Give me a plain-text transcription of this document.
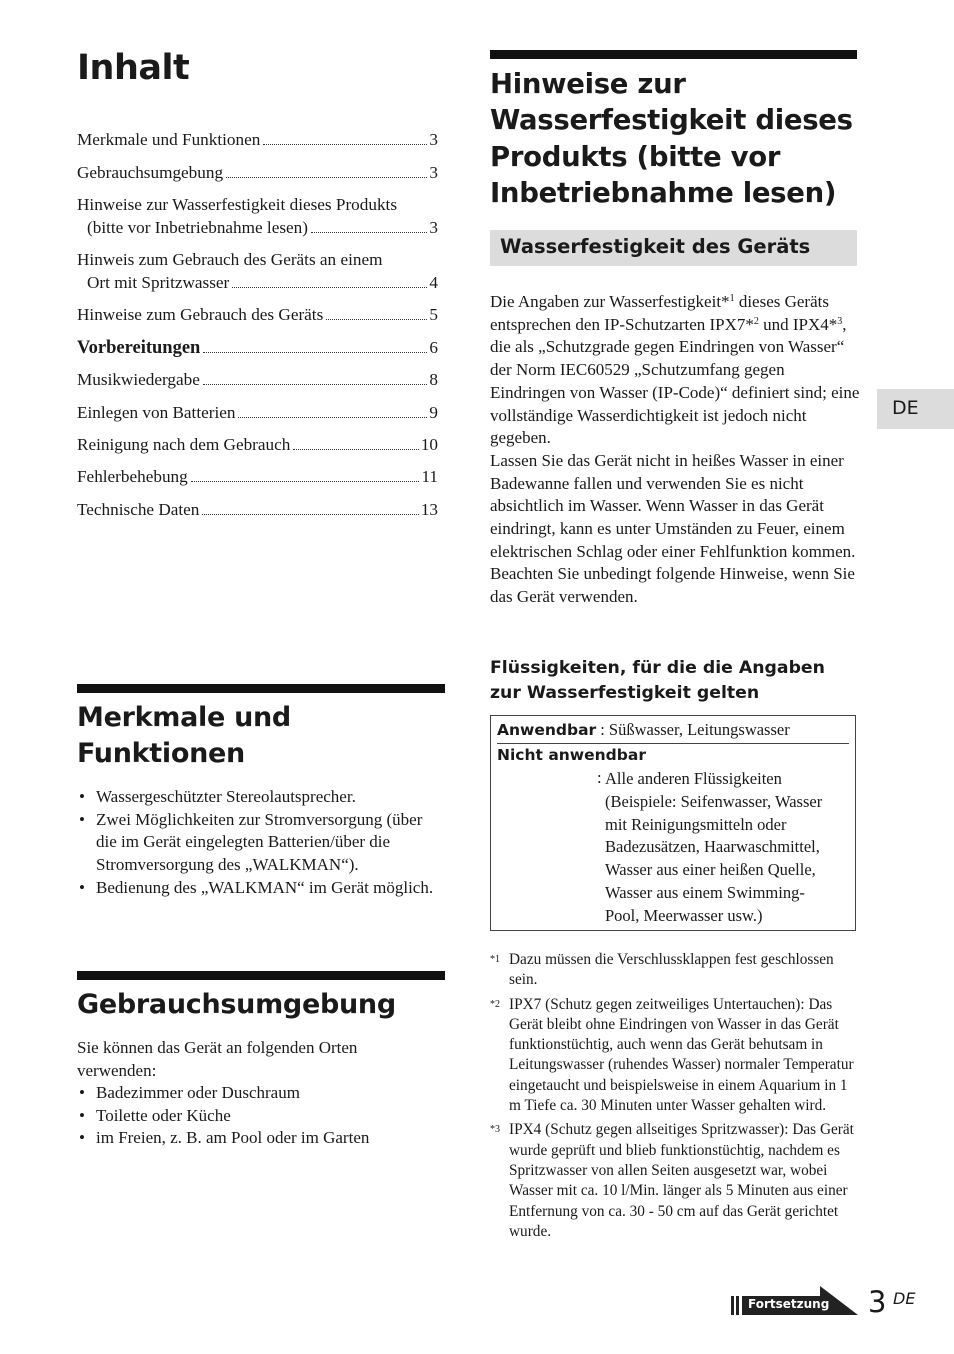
Inhalt
Merkmale und Funktionen	3
Gebrauchsumgebung	3
Hinweise zur Wasserfestigkeit dieses Produkts
(bitte vor Inbetriebnahme lesen)	3
Hinweis zum Gebrauch des Geräts an einem
Ort mit Spritzwasser	4
Hinweise zum Gebrauch des Geräts	5
Vorbereitungen	6
Musikwiedergabe	8
Einlegen von Batterien	9
Reinigung nach dem Gebrauch	10
Fehlerbehebung	11
Technische Daten	13
Merkmale und
Funktionen
• Wassergeschützter Stereolautsprecher.
• Zwei Möglichkeiten zur Stromversorgung (über die im Gerät eingelegten Batterien/über die Stromversorgung des „WALKMAN“).
• Bedienung des „WALKMAN“ im Gerät möglich.
Gebrauchsumgebung
Sie können das Gerät an folgenden Orten verwenden:
• Badezimmer oder Duschraum
• Toilette oder Küche
• im Freien, z. B. am Pool oder im Garten
Hinweise zur
Wasserfestigkeit dieses
Produkts (bitte vor
Inbetriebnahme lesen)
Wasserfestigkeit des Geräts
Die Angaben zur Wasserfestigkeit*$^1$ dieses Geräts entsprechen den IP-Schutzarten IPX7*$^2$ und IPX4*$^3$, die als „Schutzgrade gegen Eindringen von Wasser“ der Norm IEC60529 „Schutzumfang gegen Eindringen von Wasser (IP-Code)“ definiert sind; eine vollständige Wasserdichtigkeit ist jedoch nicht gegeben.
Lassen Sie das Gerät nicht in heißes Wasser in einer Badewanne fallen und verwenden Sie es nicht absichtlich im Wasser. Wenn Wasser in das Gerät eindringt, kann es unter Umständen zu Feuer, einem elektrischen Schlag oder einer Fehlfunktion kommen.
Beachten Sie unbedingt folgende Hinweise, wenn Sie das Gerät verwenden.
Flüssigkeiten, für die die Angaben zur Wasserfestigkeit gelten
Anwendbar : Süßwasser, Leitungswasser
Nicht anwendbar
: Alle anderen Flüssigkeiten
(Beispiele: Seifenwasser, Wasser
mit Reinigungsmitteln oder
Badezusätzen, Haarwaschmittel,
Wasser aus einer heißen Quelle,
Wasser aus einem Swimming-
Pool, Meerwasser usw.)
*1 Dazu müssen die Verschlussklappen fest geschlossen sein.
*2 IPX7 (Schutz gegen zeitweiliges Untertauchen): Das Gerät bleibt ohne Eindringen von Wasser in das Gerät funktionstüchtig, auch wenn das Gerät behutsam in Leitungswasser (ruhendes Wasser) normaler Temperatur eingetaucht und beispielsweise in einem Aquarium in 1 m Tiefe ca. 30 Minuten unter Wasser gehalten wird.
*3 IPX4 (Schutz gegen allseitiges Spritzwasser): Das Gerät wurde geprüft und blieb funktionstüchtig, nachdem es Spritzwasser von allen Seiten ausgesetzt war, wobei Wasser mit ca. 10 l/Min. länger als 5 Minuten aus einer Entfernung von ca. 30 - 50 cm auf das Gerät gerichtet wurde.
DE
Fortsetzung 3 DE
